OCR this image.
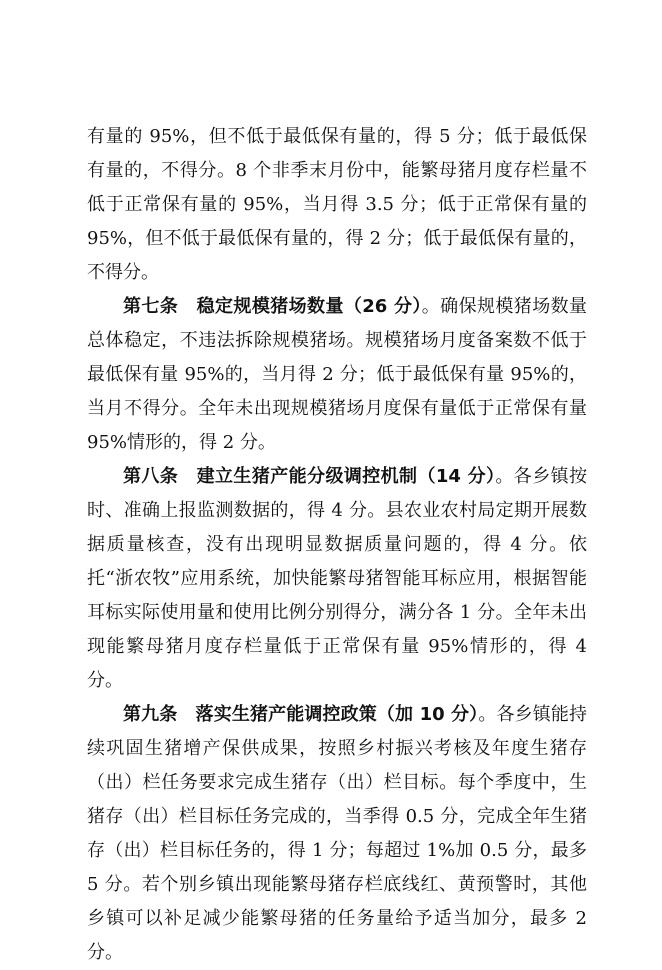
有量的 95%，但不低于最低保有量的，得 5 分；低于最低保有量的，不得分。8 个非季末月份中，能繁母猪月度存栏量不低于正常保有量的 95%，当月得 3.5 分；低于正常保有量的 95%，但不低于最低保有量的，得 2 分；低于最低保有量的，不得分。

第七条 稳定规模猪场数量（26 分）。确保规模猪场数量总体稳定，不违法拆除规模猪场。规模猪场月度备案数不低于最低保有量 95%的，当月得 2 分；低于最低保有量 95%的，当月不得分。全年未出现规模猪场月度保有量低于正常保有量 95%情形的，得 2 分。

第八条 建立生猪产能分级调控机制（14 分）。各乡镇按时、准确上报监测数据的，得 4 分。县农业农村局定期开展数据质量核查，没有出现明显数据质量问题的，得 4 分。依托“浙农牧”应用系统，加快能繁母猪智能耳标应用，根据智能耳标实际使用量和使用比例分别得分，满分各 1 分。全年未出现能繁母猪月度存栏量低于正常保有量 95%情形的，得 4 分。

第九条 落实生猪产能调控政策（加 10 分）。各乡镇能持续巩固生猪增产保供成果，按照乡村振兴考核及年度生猪存（出）栏任务要求完成生猪存（出）栏目标。每个季度中，生猪存（出）栏目标任务完成的，当季得 0.5 分，完成全年生猪存（出）栏目标任务的，得 1 分；每超过 1%加 0.5 分，最多 5 分。若个别乡镇出现能繁母猪存栏底线红、黄预警时，其他乡镇可以补足减少能繁母猪的任务量给予适当加分，最多 2 分。
